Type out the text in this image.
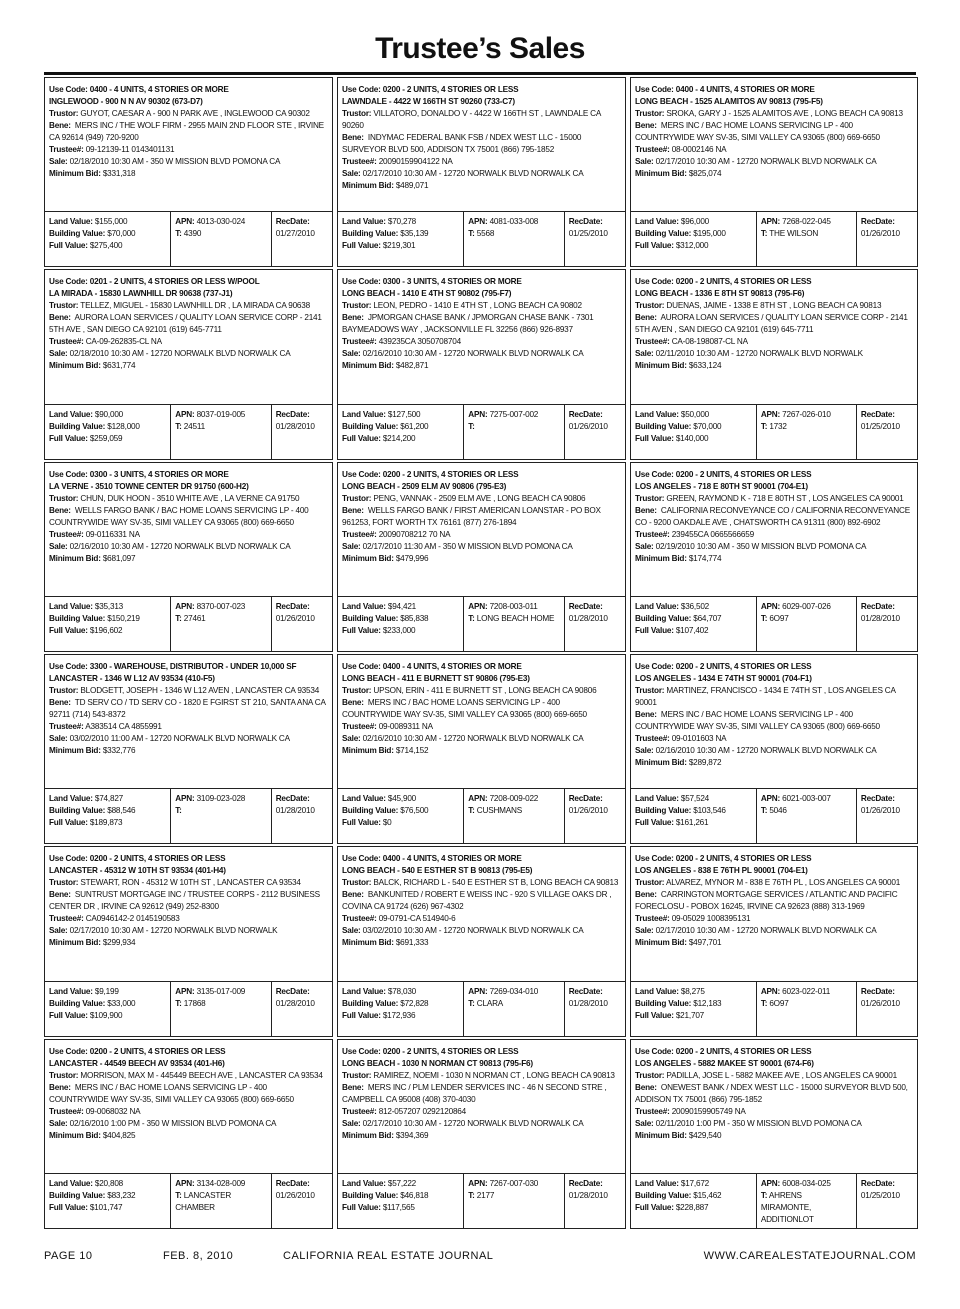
Trustee’s Sales
Use Code: 0400 - 4 UNITS, 4 STORIES OR MORE
INGLEWOOD - 900 N N AV 90302 (673-D7)
Trustor: GUYOT, CAESAR A - 900 N PARK AVE , INGLEWOOD CA 90302
Bene: MERS INC / THE WOLF FIRM - 2955 MAIN 2ND FLOOR STE , IRVINE CA 92614 (949) 720-9200
Trustee#: 09-12139-11 0143401131
Sale: 02/18/2010 10:30 AM - 350 W MISSION BLVD POMONA CA
Minimum Bid: $331,318
Land Value: $155,000
Building Value: $70,000
Full Value: $275,400
APN: 4013-030-024
T: 4390
RecDate:
01/27/2010
Use Code: 0200 - 2 UNITS, 4 STORIES OR LESS
LAWNDALE - 4422 W 166TH ST 90260 (733-C7)
Trustor: VILLATORO, DONALDO V - 4422 W 166TH ST , LAWNDALE CA 90260
Bene: INDYMAC FEDERAL BANK FSB / NDEX WEST LLC - 15000 SURVEYOR BLVD 500, ADDISON TX 75001 (866) 795-1852
Trustee#: 20090159904122 NA
Sale: 02/17/2010 10:30 AM - 12720 NORWALK BLVD NORWALK CA
Minimum Bid: $489,071
Land Value: $70,278
Building Value: $35,139
Full Value: $219,301
APN: 4081-033-008
T: 5568
RecDate:
01/25/2010
Use Code: 0400 - 4 UNITS, 4 STORIES OR MORE
LONG BEACH - 1525 ALAMITOS AV 90813 (795-F5)
Trustor: SROKA, GARY J - 1525 ALAMITOS AVE , LONG BEACH CA 90813
Bene: MERS INC / BAC HOME LOANS SERVICING LP - 400 COUNTRYWIDE WAY SV-35, SIMI VALLEY CA 93065 (800) 669-6650
Trustee#: 08-0002146 NA
Sale: 02/17/2010 10:30 AM - 12720 NORWALK BLVD NORWALK CA
Minimum Bid: $825,074
Land Value: $96,000
Building Value: $195,000
Full Value: $312,000
APN: 7268-022-045
T: THE WILSON
RecDate:
01/26/2010
Use Code: 0201 - 2 UNITS, 4 STORIES OR LESS W/POOL
LA MIRADA - 15830 LAWNHILL DR 90638 (737-J1)
Trustor: TELLEZ, MIGUEL - 15830 LAWNHILL DR , LA MIRADA CA 90638
Bene: AURORA LOAN SERVICES / QUALITY LOAN SERVICE CORP - 2141 5TH AVE , SAN DIEGO CA 92101 (619) 645-7711
Trustee#: CA-09-262835-CL NA
Sale: 02/18/2010 10:30 AM - 12720 NORWALK BLVD NORWALK CA
Minimum Bid: $631,774
Land Value: $90,000
Building Value: $128,000
Full Value: $259,059
APN: 8037-019-005
T: 24511
RecDate:
01/28/2010
Use Code: 0300 - 3 UNITS, 4 STORIES OR MORE
LONG BEACH - 1410 E 4TH ST 90802 (795-F7)
Trustor: LEON, PEDRO - 1410 E 4TH ST , LONG BEACH CA 90802
Bene: JPMORGAN CHASE BANK / JPMORGAN CHASE BANK - 7301 BAYMEADOWS WAY , JACKSONVILLE FL 32256 (866) 926-8937
Trustee#: 439235CA 3050708704
Sale: 02/16/2010 10:30 AM - 12720 NORWALK BLVD NORWALK CA
Minimum Bid: $482,871
Land Value: $127,500
Building Value: $61,200
Full Value: $214,200
APN: 7275-007-002
T:
RecDate:
01/26/2010
Use Code: 0200 - 2 UNITS, 4 STORIES OR LESS
LONG BEACH - 1336 E 8TH ST 90813 (795-F6)
Trustor: DUENAS, JAIME - 1338 E 8TH ST , LONG BEACH CA 90813
Bene: AURORA LOAN SERVICES / QUALITY LOAN SERVICE CORP - 2141 5TH AVEN , SAN DIEGO CA 92101 (619) 645-7711
Trustee#: CA-08-198087-CL NA
Sale: 02/11/2010 10:30 AM - 12720 NORWALK BLVD NORWALK
Minimum Bid: $633,124
Land Value: $50,000
Building Value: $70,000
Full Value: $140,000
APN: 7267-026-010
T: 1732
RecDate:
01/25/2010
Use Code: 0300 - 3 UNITS, 4 STORIES OR MORE
LA VERNE - 3510 TOWNE CENTER DR 91750 (600-H2)
Trustor: CHUN, DUK HOON - 3510 WHITE AVE , LA VERNE CA 91750
Bene: WELLS FARGO BANK / BAC HOME LOANS SERVICING LP - 400 COUNTRYWIDE WAY SV-35, SIMI VALLEY CA 93065 (800) 669-6650
Trustee#: 09-0116331 NA
Sale: 02/16/2010 10:30 AM - 12720 NORWALK BLVD NORWALK CA
Minimum Bid: $681,097
Land Value: $35,313
Building Value: $150,219
Full Value: $196,602
APN: 8370-007-023
T: 27461
RecDate:
01/26/2010
Use Code: 0200 - 2 UNITS, 4 STORIES OR LESS
LONG BEACH - 2509 ELM AV 90806 (795-E3)
Trustor: PENG, VANNAK - 2509 ELM AVE , LONG BEACH CA 90806
Bene: WELLS FARGO BANK / FIRST AMERICAN LOANSTAR - PO BOX 961253, FORT WORTH TX 76161 (877) 276-1894
Trustee#: 20090708212 70 NA
Sale: 02/17/2010 11:30 AM - 350 W MISSION BLVD POMONA CA
Minimum Bid: $479,996
Land Value: $94,421
Building Value: $85,838
Full Value: $233,000
APN: 7208-003-011
T: LONG BEACH HOME
RecDate:
01/28/2010
Use Code: 0200 - 2 UNITS, 4 STORIES OR LESS
LOS ANGELES - 718 E 80TH ST 90001 (704-E1)
Trustor: GREEN, RAYMOND K - 718 E 80TH ST , LOS ANGELES CA 90001
Bene: CALIFORNIA RECONVEYANCE CO / CALIFORNIA RECONVEYANCE CO - 9200 OAKDALE AVE , CHATSWORTH CA 91311 (800) 892-6902
Trustee#: 239455CA 0665566659
Sale: 02/19/2010 10:30 AM - 350 W MISSION BLVD POMONA CA
Minimum Bid: $174,774
Land Value: $36,502
Building Value: $64,707
Full Value: $107,402
APN: 6029-007-026
T: 6O97
RecDate:
01/28/2010
Use Code: 3300 - WAREHOUSE, DISTRIBUTOR - UNDER 10,000 SF
LANCASTER - 1346 W L12 AV 93534 (410-F5)
Trustor: BLODGETT, JOSEPH - 1346 W L12 AVEN , LANCASTER CA 93534
Bene: TD SERV CO / TD SERV CO - 1820 E FGIRST ST 210, SANTA ANA CA 92711 (714) 543-8372
Trustee#: A383514 CA 4855991
Sale: 03/02/2010 11:00 AM - 12720 NORWALK BLVD NORWALK CA
Minimum Bid: $332,776
Land Value: $74,827
Building Value: $88,546
Full Value: $189,873
APN: 3109-023-028
T:
RecDate:
01/28/2010
Use Code: 0400 - 4 UNITS, 4 STORIES OR MORE
LONG BEACH - 411 E BURNETT ST 90806 (795-E3)
Trustor: UPSON, ERIN - 411 E BURNETT ST , LONG BEACH CA 90806
Bene: MERS INC / BAC HOME LOANS SERVICING LP - 400 COUNTRYWIDE WAY SV-35, SIMI VALLEY CA 93065 (800) 669-6650
Trustee#: 09-0089311 NA
Sale: 02/16/2010 10:30 AM - 12720 NORWALK BLVD NORWALK CA
Minimum Bid: $714,152
Land Value: $45,900
Building Value: $76,500
Full Value: $0
APN: 7208-009-022
T: CUSHMANS
RecDate:
01/26/2010
Use Code: 0200 - 2 UNITS, 4 STORIES OR LESS
LOS ANGELES - 1434 E 74TH ST 90001 (704-F1)
Trustor: MARTINEZ, FRANCISCO - 1434 E 74TH ST , LOS ANGELES CA 90001
Bene: MERS INC / BAC HOME LOANS SERVICING LP - 400 COUNTRYWIDE WAY SV-35, SIMI VALLEY CA 93065 (800) 669-6650
Trustee#: 09-0101603 NA
Sale: 02/16/2010 10:30 AM - 12720 NORWALK BLVD NORWALK CA
Minimum Bid: $289,872
Land Value: $57,524
Building Value: $103,546
Full Value: $161,261
APN: 6021-003-007
T: 5046
RecDate:
01/26/2010
Use Code: 0200 - 2 UNITS, 4 STORIES OR LESS
LANCASTER - 45312 W 10TH ST 93534 (401-H4)
Trustor: STEWART, RON - 45312 W 10TH ST , LANCASTER CA 93534
Bene: SUNTRUST MORTGAGE INC / TRUSTEE CORPS - 2112 BUSINESS CENTER DR , IRVINE CA 92612 (949) 252-8300
Trustee#: CA0946142-2 0145190583
Sale: 02/17/2010 10:30 AM - 12720 NORWALK BLVD NORWALK
Minimum Bid: $299,934
Land Value: $9,199
Building Value: $33,000
Full Value: $109,900
APN: 3135-017-009
T: 17868
RecDate:
01/28/2010
Use Code: 0400 - 4 UNITS, 4 STORIES OR MORE
LONG BEACH - 540 E ESTHER ST B 90813 (795-E5)
Trustor: BALCK, RICHARD L - 540 E ESTHER ST B, LONG BEACH CA 90813
Bene: BANKUNITED / ROBERT E WEISS INC - 920 S VILLAGE OAKS DR , COVINA CA 91724 (626) 967-4302
Trustee#: 09-0791-CA 514940-6
Sale: 03/02/2010 10:30 AM - 12720 NORWALK BLVD NORWALK CA
Minimum Bid: $691,333
Land Value: $78,030
Building Value: $72,828
Full Value: $172,936
APN: 7269-034-010
T: CLARA
RecDate:
01/28/2010
Use Code: 0200 - 2 UNITS, 4 STORIES OR LESS
LOS ANGELES - 838 E 76TH PL 90001 (704-E1)
Trustor: ALVAREZ, MYNOR M - 838 E 76TH PL , LOS ANGELES CA 90001
Bene: CARRINGTON MORTGAGE SERVICES / ATLANTIC AND PACIFIC FORECLOSU - POBOX 16245, IRVINE CA 92623 (888) 313-1969
Trustee#: 09-05029 1008395131
Sale: 02/17/2010 10:30 AM - 12720 NORWALK BLVD NORWALK CA
Minimum Bid: $497,701
Land Value: $8,275
Building Value: $12,183
Full Value: $21,707
APN: 6023-022-011
T: 6O97
RecDate:
01/26/2010
Use Code: 0200 - 2 UNITS, 4 STORIES OR LESS
LANCASTER - 44549 BEECH AV 93534 (401-H6)
Trustor: MORRISON, MAX M - 445449 BEECH AVE , LANCASTER CA 93534
Bene: MERS INC / BAC HOME LOANS SERVICING LP - 400 COUNTRYWIDE WAY SV-35, SIMI VALLEY CA 93065 (800) 669-6650
Trustee#: 09-0068032 NA
Sale: 02/16/2010 1:00 PM - 350 W MISSION BLVD POMONA CA
Minimum Bid: $404,825
Land Value: $20,808
Building Value: $83,232
Full Value: $101,747
APN: 3134-028-009
T: LANCASTER CHAMBER
RecDate:
01/26/2010
Use Code: 0200 - 2 UNITS, 4 STORIES OR LESS
LONG BEACH - 1030 N NORMAN CT 90813 (795-F6)
Trustor: RAMIREZ, NOEMI - 1030 N NORMAN CT , LONG BEACH CA 90813
Bene: MERS INC / PLM LENDER SERVICES INC - 46 N SECOND STRE , CAMPBELL CA 95008 (408) 370-4030
Trustee#: 812-057207 0292120864
Sale: 02/17/2010 10:30 AM - 12720 NORWALK BLVD NORWALK CA
Minimum Bid: $394,369
Land Value: $57,222
Building Value: $46,818
Full Value: $117,565
APN: 7267-007-030
T: 2177
RecDate:
01/28/2010
Use Code: 0200 - 2 UNITS, 4 STORIES OR LESS
LOS ANGELES - 5882 MAKEE ST 90001 (674-F6)
Trustor: PADILLA, JOSE L - 5882 MAKEE AVE , LOS ANGELES CA 90001
Bene: ONEWEST BANK / NDEX WEST LLC - 15000 SURVEYOR BLVD 500, ADDISON TX 75001 (866) 795-1852
Trustee#: 20090159905749 NA
Sale: 02/11/2010 1:00 PM - 350 W MISSION BLVD POMONA CA
Minimum Bid: $429,540
Land Value: $17,672
Building Value: $15,462
Full Value: $228,887
APN: 6008-034-025
T: AHRENS MIRAMONTE, ADDITIONLOT
RecDate:
01/25/2010
PAGE 10	FEB. 8, 2010	CALIFORNIA REAL ESTATE JOURNAL	WWW.CAREALESTATEJOURNAL.COM
